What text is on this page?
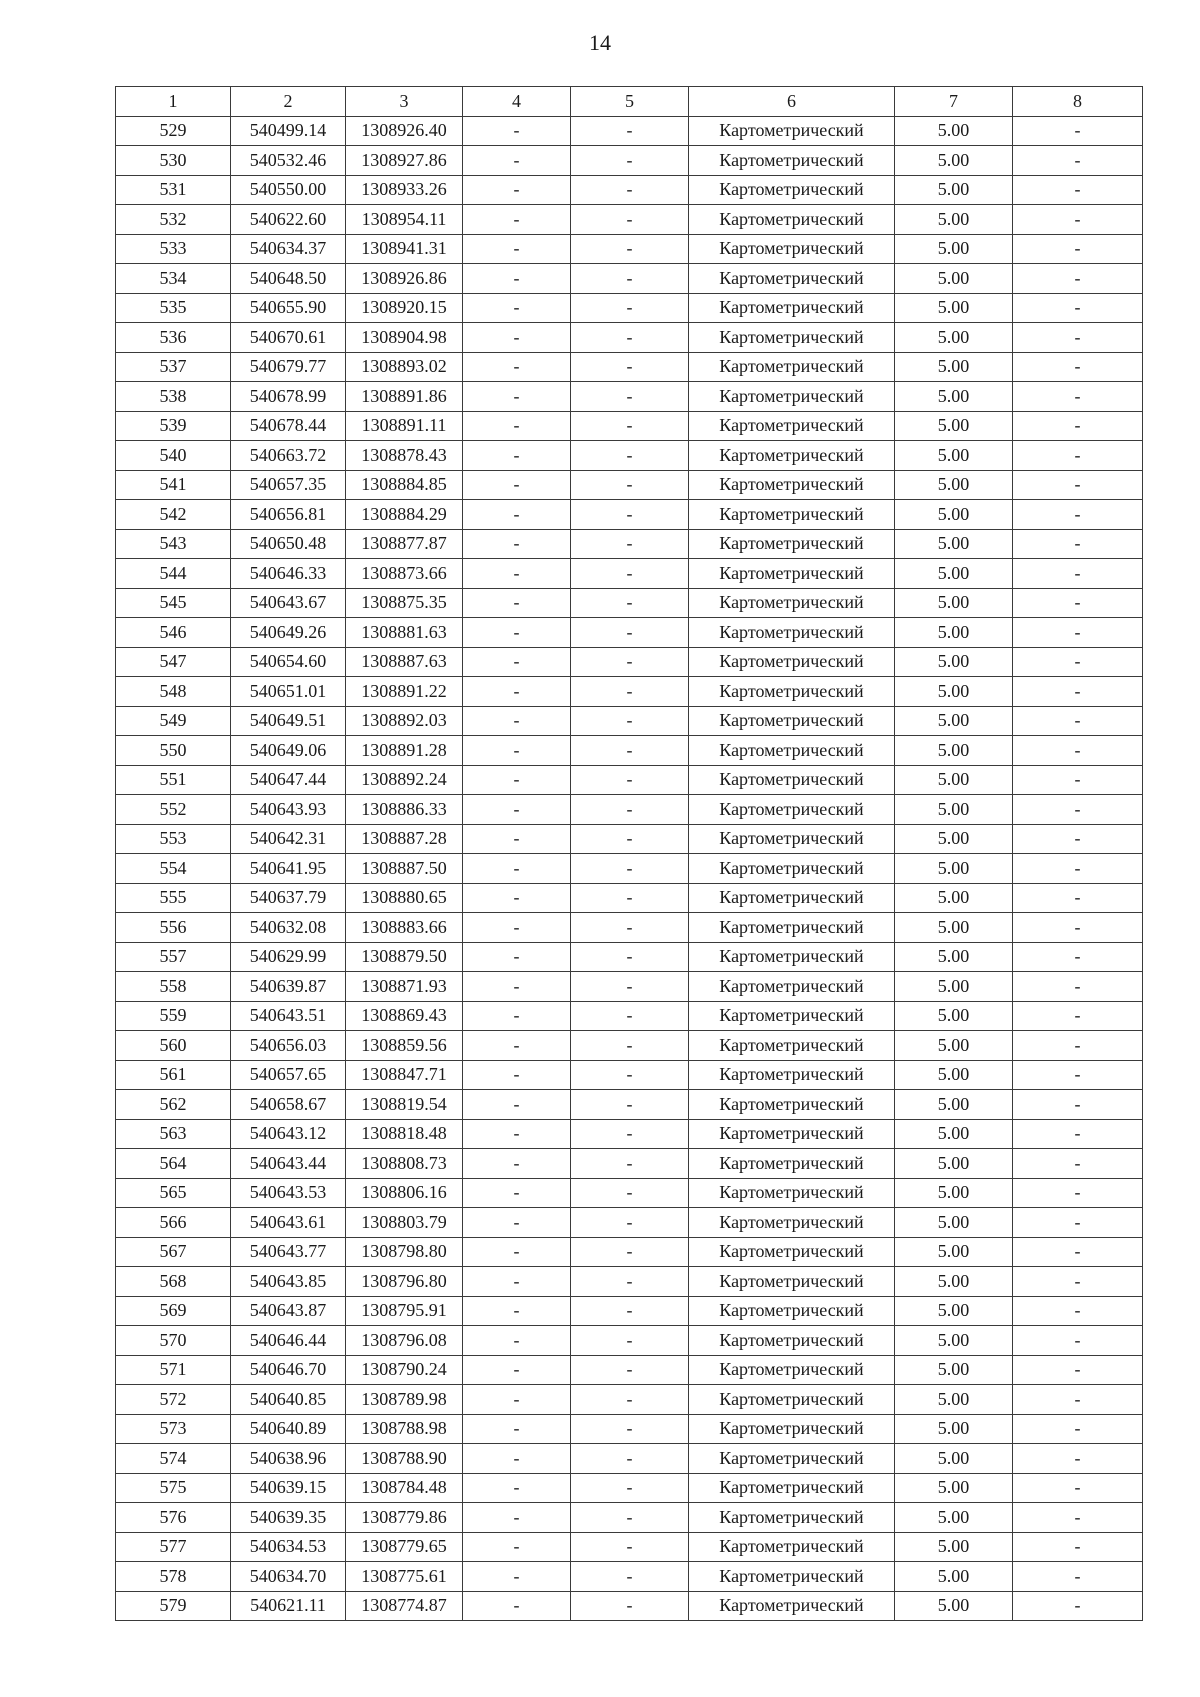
14
1	2	3	4	5	6	7	8
529	540499.14	1308926.40	-	-	Картометрический	5.00	-
530	540532.46	1308927.86	-	-	Картометрический	5.00	-
531	540550.00	1308933.26	-	-	Картометрический	5.00	-
532	540622.60	1308954.11	-	-	Картометрический	5.00	-
533	540634.37	1308941.31	-	-	Картометрический	5.00	-
534	540648.50	1308926.86	-	-	Картометрический	5.00	-
535	540655.90	1308920.15	-	-	Картометрический	5.00	-
536	540670.61	1308904.98	-	-	Картометрический	5.00	-
537	540679.77	1308893.02	-	-	Картометрический	5.00	-
538	540678.99	1308891.86	-	-	Картометрический	5.00	-
539	540678.44	1308891.11	-	-	Картометрический	5.00	-
540	540663.72	1308878.43	-	-	Картометрический	5.00	-
541	540657.35	1308884.85	-	-	Картометрический	5.00	-
542	540656.81	1308884.29	-	-	Картометрический	5.00	-
543	540650.48	1308877.87	-	-	Картометрический	5.00	-
544	540646.33	1308873.66	-	-	Картометрический	5.00	-
545	540643.67	1308875.35	-	-	Картометрический	5.00	-
546	540649.26	1308881.63	-	-	Картометрический	5.00	-
547	540654.60	1308887.63	-	-	Картометрический	5.00	-
548	540651.01	1308891.22	-	-	Картометрический	5.00	-
549	540649.51	1308892.03	-	-	Картометрический	5.00	-
550	540649.06	1308891.28	-	-	Картометрический	5.00	-
551	540647.44	1308892.24	-	-	Картометрический	5.00	-
552	540643.93	1308886.33	-	-	Картометрический	5.00	-
553	540642.31	1308887.28	-	-	Картометрический	5.00	-
554	540641.95	1308887.50	-	-	Картометрический	5.00	-
555	540637.79	1308880.65	-	-	Картометрический	5.00	-
556	540632.08	1308883.66	-	-	Картометрический	5.00	-
557	540629.99	1308879.50	-	-	Картометрический	5.00	-
558	540639.87	1308871.93	-	-	Картометрический	5.00	-
559	540643.51	1308869.43	-	-	Картометрический	5.00	-
560	540656.03	1308859.56	-	-	Картометрический	5.00	-
561	540657.65	1308847.71	-	-	Картометрический	5.00	-
562	540658.67	1308819.54	-	-	Картометрический	5.00	-
563	540643.12	1308818.48	-	-	Картометрический	5.00	-
564	540643.44	1308808.73	-	-	Картометрический	5.00	-
565	540643.53	1308806.16	-	-	Картометрический	5.00	-
566	540643.61	1308803.79	-	-	Картометрический	5.00	-
567	540643.77	1308798.80	-	-	Картометрический	5.00	-
568	540643.85	1308796.80	-	-	Картометрический	5.00	-
569	540643.87	1308795.91	-	-	Картометрический	5.00	-
570	540646.44	1308796.08	-	-	Картометрический	5.00	-
571	540646.70	1308790.24	-	-	Картометрический	5.00	-
572	540640.85	1308789.98	-	-	Картометрический	5.00	-
573	540640.89	1308788.98	-	-	Картометрический	5.00	-
574	540638.96	1308788.90	-	-	Картометрический	5.00	-
575	540639.15	1308784.48	-	-	Картометрический	5.00	-
576	540639.35	1308779.86	-	-	Картометрический	5.00	-
577	540634.53	1308779.65	-	-	Картометрический	5.00	-
578	540634.70	1308775.61	-	-	Картометрический	5.00	-
579	540621.11	1308774.87	-	-	Картометрический	5.00	-
